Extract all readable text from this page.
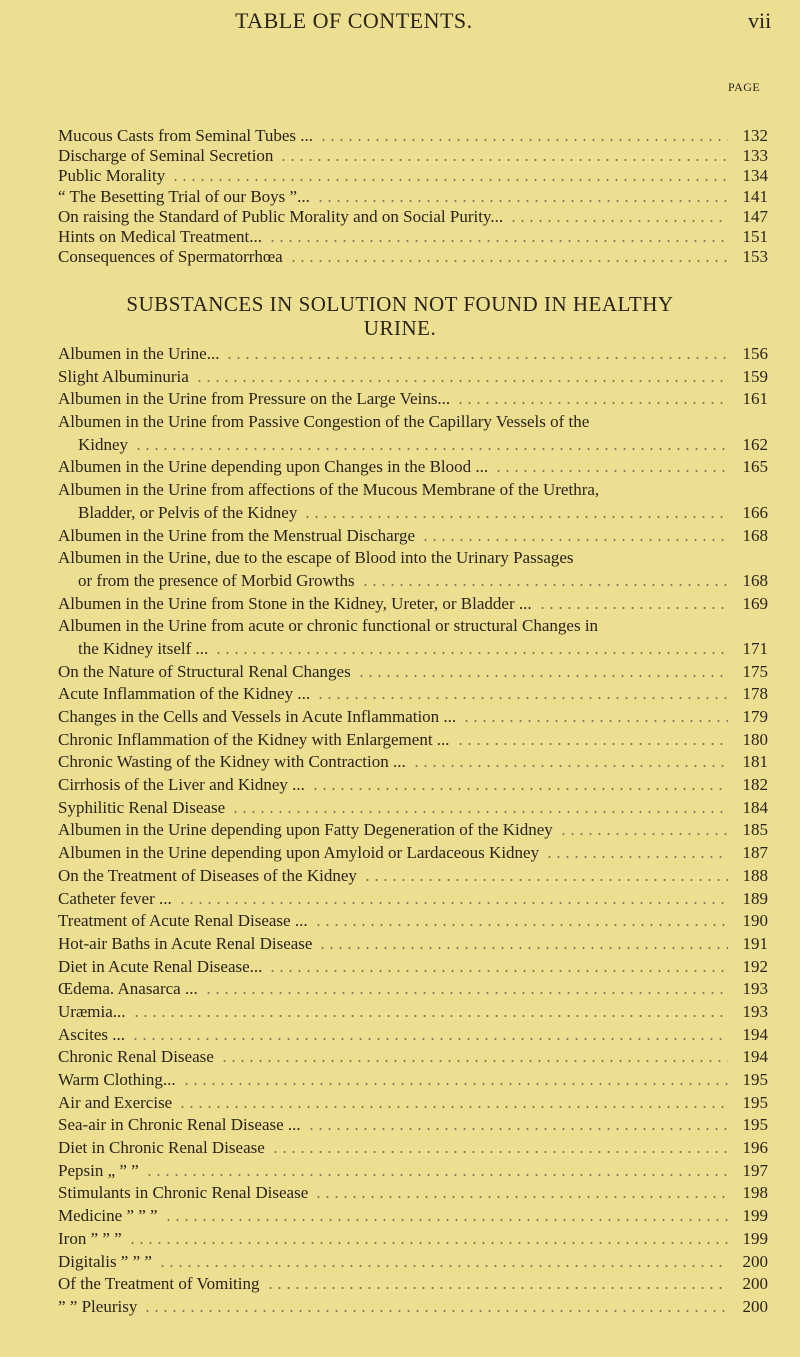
TABLE OF CONTENTS.	vii
PAGE
Mucous Casts from Seminal Tubes ...	132
Discharge of Seminal Secretion	133
Public Morality	134
“ The Besetting Trial of our Boys ”...	141
On raising the Standard of Public Morality and on Social Purity...	147
Hints on Medical Treatment...	151
Consequences of Spermatorrhœa	153
SUBSTANCES IN SOLUTION NOT FOUND IN HEALTHY
URINE.
Albumen in the Urine...	156
Slight Albuminuria	159
Albumen in the Urine from Pressure on the Large Veins...	161
Albumen in the Urine from Passive Congestion of the Capillary Vessels of the
Kidney	162
Albumen in the Urine depending upon Changes in the Blood ...	165
Albumen in the Urine from affections of the Mucous Membrane of the Urethra,
Bladder, or Pelvis of the Kidney	166
Albumen in the Urine from the Menstrual Discharge	168
Albumen in the Urine, due to the escape of Blood into the Urinary Passages
or from the presence of Morbid Growths	168
Albumen in the Urine from Stone in the Kidney, Ureter, or Bladder ...	169
Albumen in the Urine from acute or chronic functional or structural Changes in
the Kidney itself ...	171
On the Nature of Structural Renal Changes	175
Acute Inflammation of the Kidney ...	178
Changes in the Cells and Vessels in Acute Inflammation ...	179
Chronic Inflammation of the Kidney with Enlargement ...	180
Chronic Wasting of the Kidney with Contraction ...	181
Cirrhosis of the Liver and Kidney ...	182
Syphilitic Renal Disease	184
Albumen in the Urine depending upon Fatty Degeneration of the Kidney	185
Albumen in the Urine depending upon Amyloid or Lardaceous Kidney	187
On the Treatment of Diseases of the Kidney	188
Catheter fever ...	189
Treatment of Acute Renal Disease ...	190
Hot-air Baths in Acute Renal Disease	191
Diet in Acute Renal Disease...	192
Œdema. Anasarca ...	193
Uræmia...	193
Ascites ...	194
Chronic Renal Disease	194
Warm Clothing...	195
Air and Exercise	195
Sea-air in Chronic Renal Disease ...	195
Diet in Chronic Renal Disease	196
Pepsin „ ” ”	197
Stimulants in Chronic Renal Disease	198
Medicine ” ” ”	199
Iron ” ” ”	199
Digitalis ” ” ”	200
Of the Treatment of Vomiting	200
” ” Pleurisy	200
